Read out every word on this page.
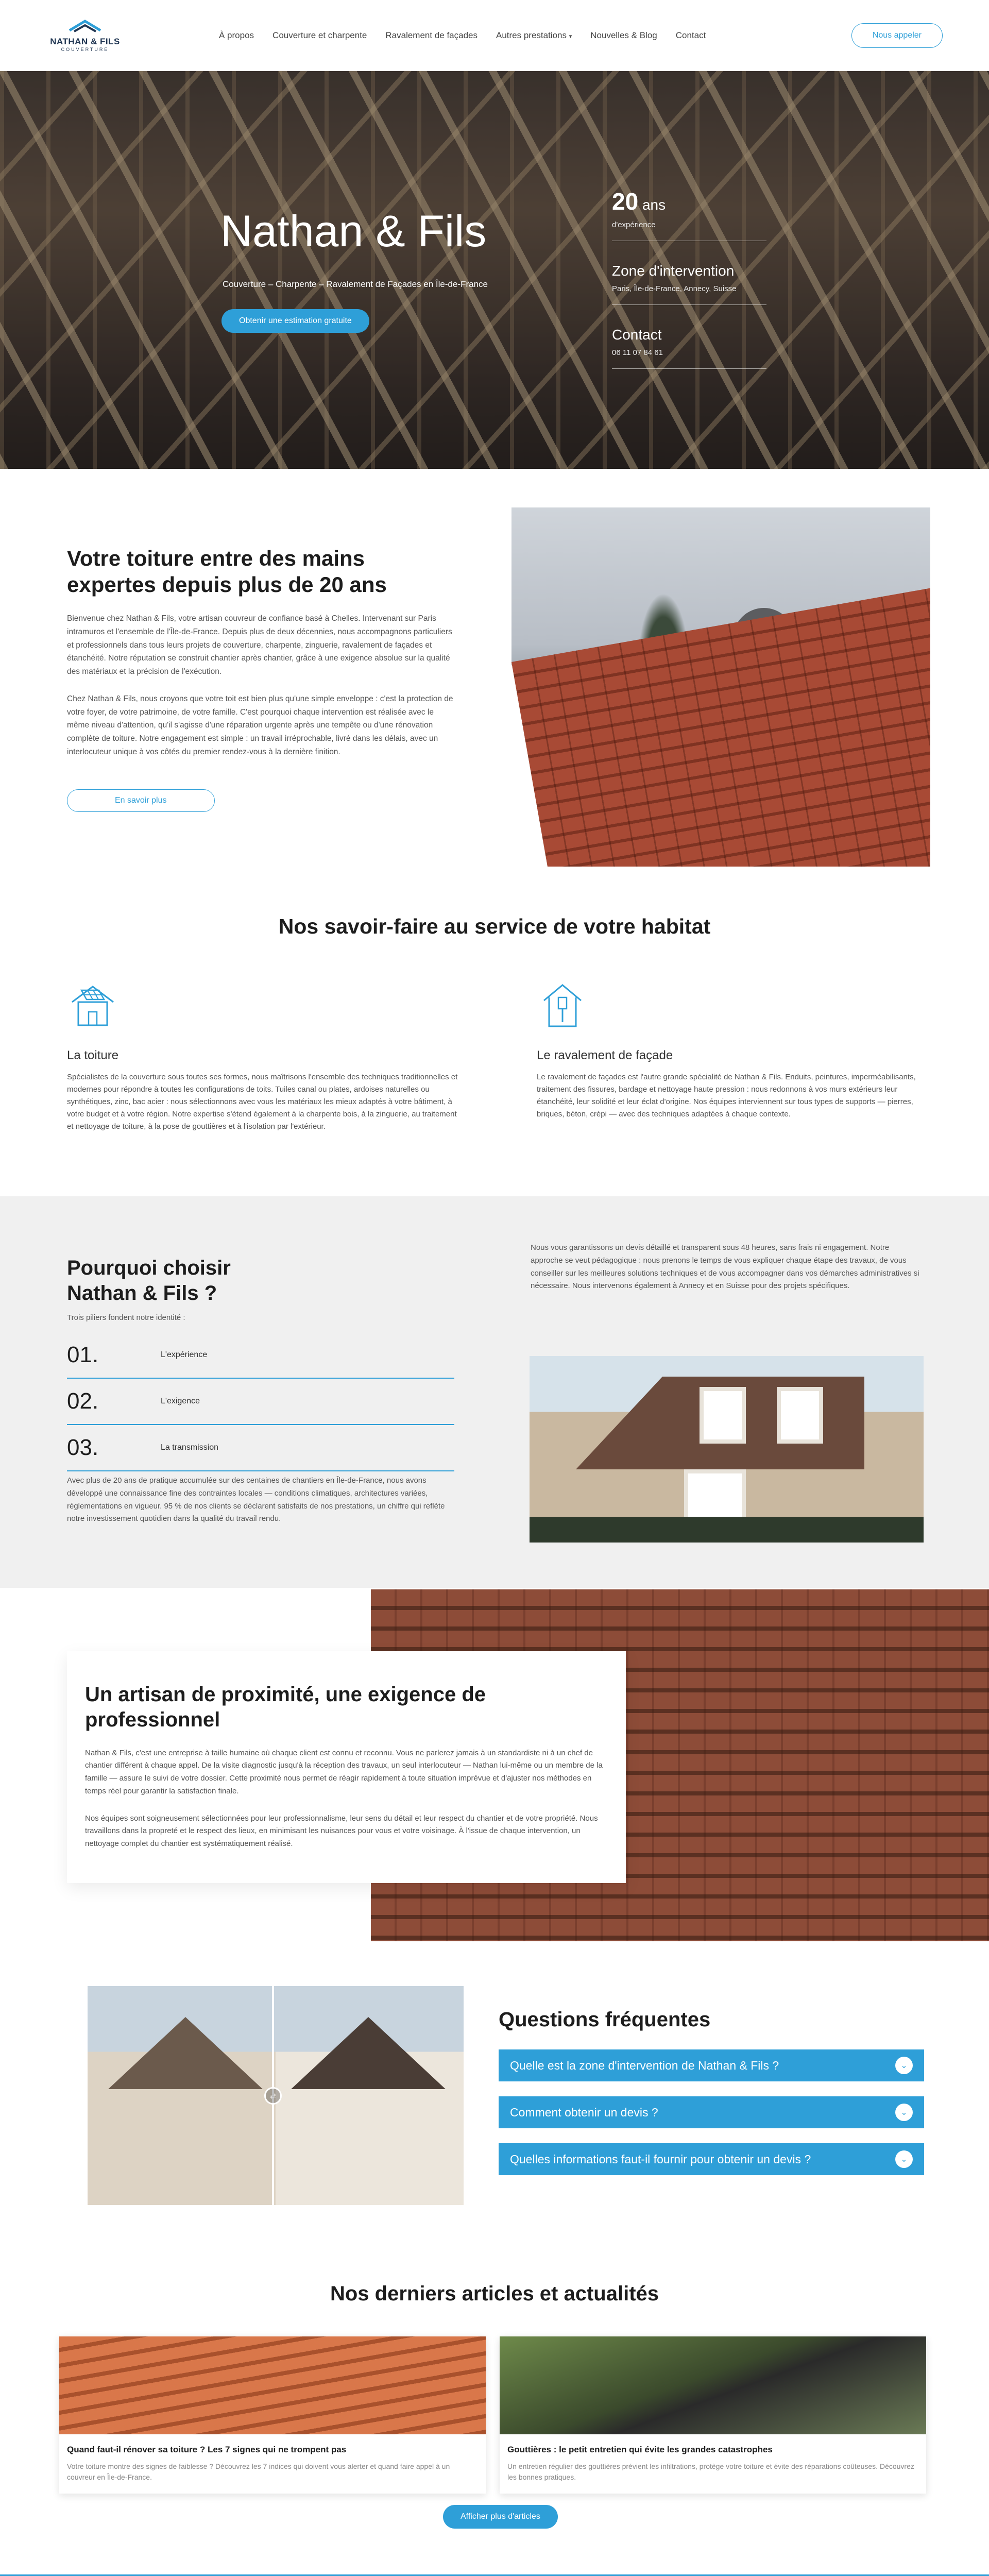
NATHAN & FILS
COUVERTURE
À propos Couverture et charpente Ravalement de façades Autres prestations ▾ Nouvelles & Blog Contact	Nous appeler
Nathan & Fils
Couverture – Charpente – Ravalement de Façades en Île-de-France
Obtenir une estimation gratuite
20 ans
d'expérience
Zone d'intervention
Paris, Île-de-France, Annecy, Suisse
Contact
06 11 07 84 61
Votre toiture entre des mains expertes depuis plus de 20 ans

Bienvenue chez Nathan & Fils, votre artisan couvreur de confiance basé à Chelles. Intervenant sur Paris intramuros et l'ensemble de l'Île-de-France. Depuis plus de deux décennies, nous accompagnons particuliers et professionnels dans tous leurs projets de couverture, charpente, zinguerie, ravalement de façades et étanchéité. Notre réputation se construit chantier après chantier, grâce à une exigence absolue sur la qualité des matériaux et la précision de l'exécution.

Chez Nathan & Fils, nous croyons que votre toit est bien plus qu'une simple enveloppe : c'est la protection de votre foyer, de votre patrimoine, de votre famille. C'est pourquoi chaque intervention est réalisée avec le même niveau d'attention, qu'il s'agisse d'une réparation urgente après une tempête ou d'une rénovation complète de toiture. Notre engagement est simple : un travail irréprochable, livré dans les délais, avec un interlocuteur unique à vos côtés du premier rendez-vous à la dernière finition.

En savoir plus
Nos savoir-faire au service de votre habitat
La toiture

Spécialistes de la couverture sous toutes ses formes, nous maîtrisons l'ensemble des techniques traditionnelles et modernes pour répondre à toutes les configurations de toits. Tuiles canal ou plates, ardoises naturelles ou synthétiques, zinc, bac acier : nous sélectionnons avec vous les matériaux les mieux adaptés à votre bâtiment, à votre budget et à votre région. Notre expertise s'étend également à la charpente bois, à la zinguerie, au traitement et nettoyage de toiture, à la pose de gouttières et à l'isolation par l'extérieur.

Le ravalement de façade

Le ravalement de façades est l'autre grande spécialité de Nathan & Fils. Enduits, peintures, imperméabilisants, traitement des fissures, bardage et nettoyage haute pression : nous redonnons à vos murs extérieurs leur étanchéité, leur solidité et leur éclat d'origine. Nos équipes interviennent sur tous types de supports — pierres, briques, béton, crépi — avec des techniques adaptées à chaque contexte.

Pourquoi choisir Nathan & Fils ?
Trois piliers fondent notre identité :
01.	L'expérience
02.	L'exigence
03.	La transmission

Avec plus de 20 ans de pratique accumulée sur des centaines de chantiers en Île-de-France, nous avons développé une connaissance fine des contraintes locales — conditions climatiques, architectures variées, réglementations en vigueur. 95 % de nos clients se déclarent satisfaits de nos prestations, un chiffre qui reflète notre investissement quotidien dans la qualité du travail rendu.

Nous vous garantissons un devis détaillé et transparent sous 48 heures, sans frais ni engagement. Notre approche se veut pédagogique : nous prenons le temps de vous expliquer chaque étape des travaux, de vous conseiller sur les meilleures solutions techniques et de vous accompagner dans vos démarches administratives si nécessaire. Nous intervenons également à Annecy et en Suisse pour des projets spécifiques.

Un artisan de proximité, une exigence de professionnel

Nathan & Fils, c'est une entreprise à taille humaine où chaque client est connu et reconnu. Vous ne parlerez jamais à un standardiste ni à un chef de chantier différent à chaque appel. De la visite diagnostic jusqu'à la réception des travaux, un seul interlocuteur — Nathan lui-même ou un membre de la famille — assure le suivi de votre dossier. Cette proximité nous permet de réagir rapidement à toute situation imprévue et d'ajuster nos méthodes en temps réel pour garantir la satisfaction finale.

Nos équipes sont soigneusement sélectionnées pour leur professionnalisme, leur sens du détail et leur respect du chantier et de votre propriété. Nous travaillons dans la propreté et le respect des lieux, en minimisant les nuisances pour vous et votre voisinage. À l'issue de chaque intervention, un nettoyage complet du chantier est systématiquement réalisé.

⇄
Questions fréquentes
Quelle est la zone d'intervention de Nathan & Fils ?	⌄
Comment obtenir un devis ?	⌄
Quelles informations faut-il fournir pour obtenir un devis ?	⌄
Nos derniers articles et actualités
Quand faut-il rénover sa toiture ? Les 7 signes qui ne trompent pas
Votre toiture montre des signes de faiblesse ? Découvrez les 7 indices qui doivent vous alerter et quand faire appel à un couvreur en Île-de-France.
Gouttières : le petit entretien qui évite les grandes catastrophes
Un entretien régulier des gouttières prévient les infiltrations, protège votre toiture et évite des réparations coûteuses. Découvrez les bonnes pratiques.
Afficher plus d'articles
